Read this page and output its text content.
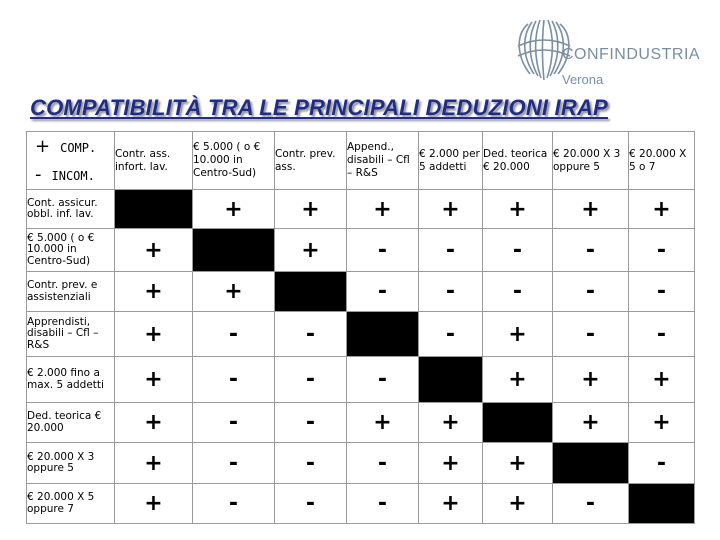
CONFINDUSTRIA
Verona
COMPATIBILITÀ TRA LE PRINCIPALI DEDUZIONI IRAP
+ COMP.
- INCOM.	Contr. ass. infort. lav.	€ 5.000 ( o € 10.000 in Centro-Sud)	Contr. prev. ass.	Append., disabili – Cfl – R&S	€ 2.000 per 5 addetti	Ded. teorica € 20.000	€ 20.000 X 3 oppure 5	€ 20.000 X 5 o 7
Cont. assicur. obbl. inf. lav.		+	+	+	+	+	+	+
€ 5.000 ( o € 10.000 in Centro-Sud)	+		+	-	-	-	-	-
Contr. prev. e assistenziali	+	+		-	-	-	-	-
Apprendisti, disabili – Cfl – R&S	+	-	-		-	+	-	-
€ 2.000 fino a max. 5 addetti	+	-	-	-		+	+	+
Ded. teorica € 20.000	+	-	-	+	+		+	+
€ 20.000 X 3 oppure 5	+	-	-	-	+	+		-
€ 20.000 X 5 oppure 7	+	-	-	-	+	+	-	
